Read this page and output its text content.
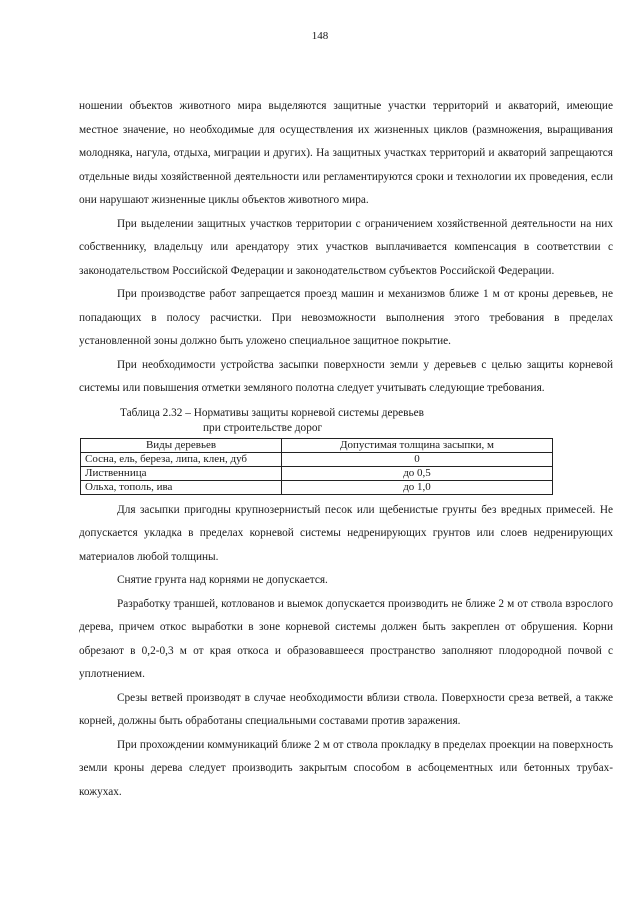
148

ношении объектов животного мира выделяются защитные участки территорий и акваторий, имеющие местное значение, но необходимые для осуществления их жизненных циклов (размножения, выращивания молодняка, нагула, отдыха, миграции и других). На защитных участках территорий и акваторий запрещаются отдельные виды хозяйственной деятельности или регламентируются сроки и технологии их проведения, если они нарушают жизненные циклы объектов животного мира.

При выделении защитных участков территории с ограничением хозяйственной деятельности на них собственнику, владельцу или арендатору этих участков выплачивается компенсация в соответствии с законодательством Российской Федерации и законодательством субъектов Российской Федерации.

При производстве работ запрещается проезд машин и механизмов ближе 1 м от кроны деревьев, не попадающих в полосу расчистки. При невозможности выполнения этого требования в пределах установленной зоны должно быть уложено специальное защитное покрытие.

При необходимости устройства засыпки поверхности земли у деревьев с целью защиты корневой системы или повышения отметки земляного полотна следует учитывать следующие требования.

Таблица 2.32 – Нормативы защиты корневой системы деревьев
при строительстве дорог
Виды деревьев	Допустимая толщина засыпки, м
Сосна, ель, береза, липа, клен, дуб	0
Лиственница	до 0,5
Ольха, тополь, ива	до 1,0

Для засыпки пригодны крупнозернистый песок или щебенистые грунты без вредных примесей. Не допускается укладка в пределах корневой системы недренирующих грунтов или слоев недренирующих материалов любой толщины.

Снятие грунта над корнями не допускается.

Разработку траншей, котлованов и выемок допускается производить не ближе 2 м от ствола взрослого дерева, причем откос выработки в зоне корневой системы должен быть закреплен от обрушения. Корни обрезают в 0,2-0,3 м от края откоса и образовавшееся пространство заполняют плодородной почвой с уплотнением.

Срезы ветвей производят в случае необходимости вблизи ствола. Поверхности среза ветвей, а также корней, должны быть обработаны специальными составами против заражения.

При прохождении коммуникаций ближе 2 м от ствола прокладку в пределах проекции на поверхность земли кроны дерева следует производить закрытым способом в асбоцементных или бетонных трубах-кожухах.
